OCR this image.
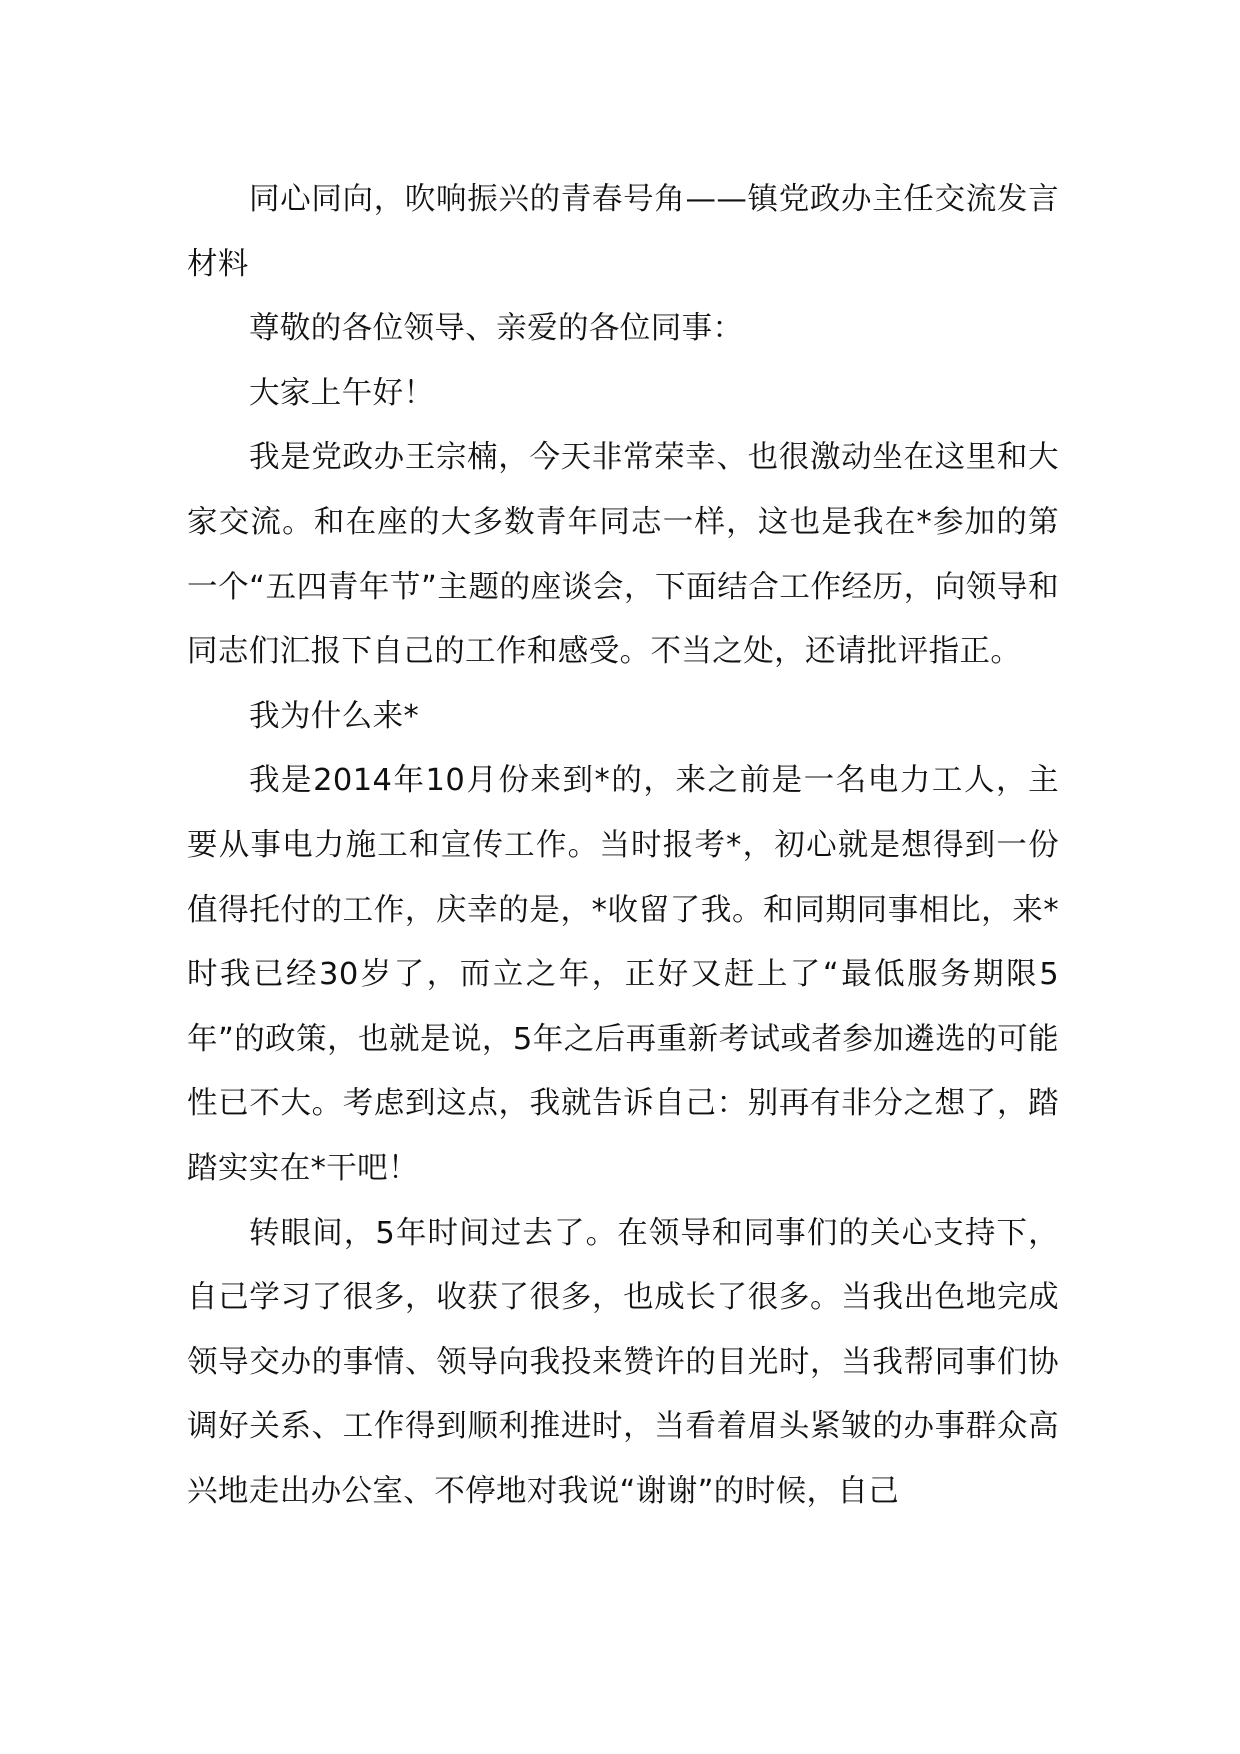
同心同向，吹响振兴的青春号角——镇党政办主任交流发言材料

尊敬的各位领导、亲爱的各位同事：

大家上午好！

我是党政办王宗楠，今天非常荣幸、也很激动坐在这里和大家交流。和在座的大多数青年同志一样，这也是我在*参加的第一个“五四青年节”主题的座谈会，下面结合工作经历，向领导和同志们汇报下自己的工作和感受。不当之处，还请批评指正。

我为什么来*

我是2014年10月份来到*的，来之前是一名电力工人，主要从事电力施工和宣传工作。当时报考*，初心就是想得到一份值得托付的工作，庆幸的是，*收留了我。和同期同事相比，来*时我已经30岁了，而立之年，正好又赶上了“最低服务期限5年”的政策，也就是说，5年之后再重新考试或者参加遴选的可能性已不大。考虑到这点，我就告诉自己：别再有非分之想了，踏踏实实在*干吧！

转眼间，5年时间过去了。在领导和同事们的关心支持下，自己学习了很多，收获了很多，也成长了很多。当我出色地完成领导交办的事情、领导向我投来赞许的目光时，当我帮同事们协调好关系、工作得到顺利推进时，当看着眉头紧皱的办事群众高兴地走出办公室、不停地对我说“谢谢”的时候，自己
